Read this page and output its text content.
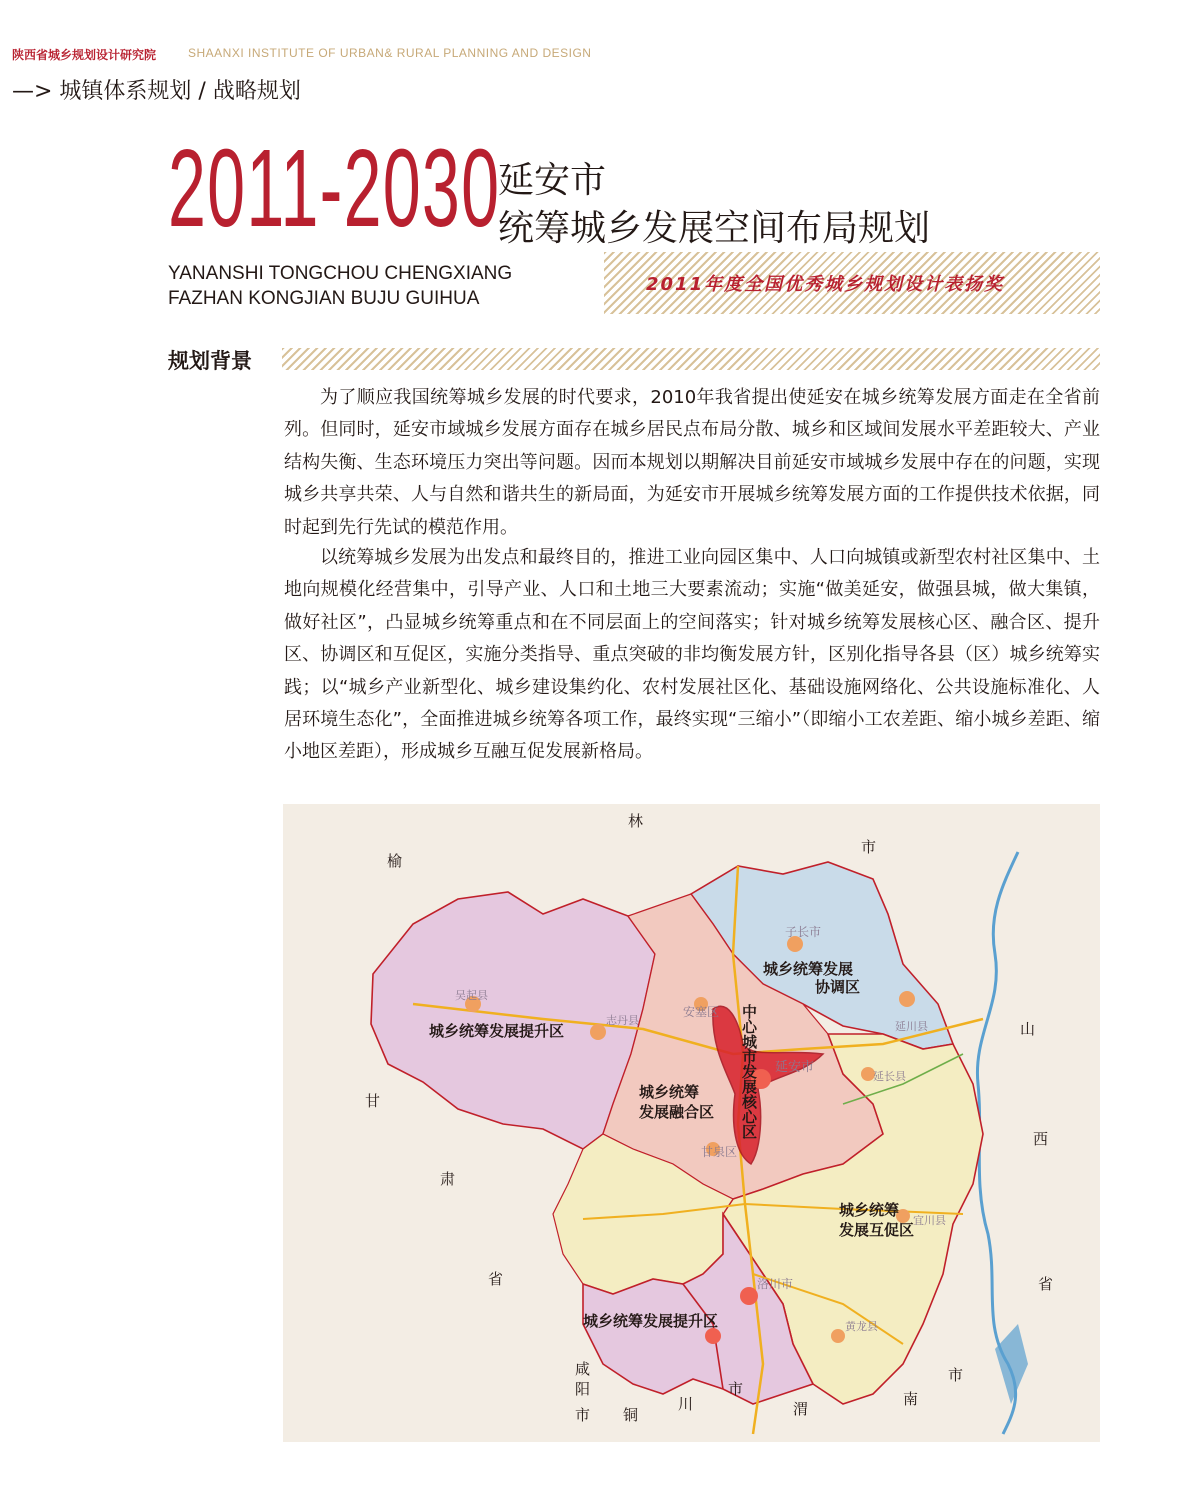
陕西省城乡规划设计研究院	SHAANXI INSTITUTE OF URBAN& RURAL PLANNING AND DESIGN
—> 城镇体系规划 / 战略规划
2011-2030
延安市
统筹城乡发展空间布局规划
YANANSHI TONGCHOU CHENGXIANG
FAZHAN KONGJIAN BUJU GUIHUA
2011年度全国优秀城乡规划设计表扬奖
规划背景

为了顺应我国统筹城乡发展的时代要求，2010年我省提出使延安在城乡统筹发展方面走在全省前列。但同时，延安市域城乡发展方面存在城乡居民点布局分散、城乡和区域间发展水平差距较大、产业结构失衡、生态环境压力突出等问题。因而本规划以期解决目前延安市域城乡发展中存在的问题，实现城乡共享共荣、人与自然和谐共生的新局面，为延安市开展城乡统筹发展方面的工作提供技术依据，同时起到先行先试的模范作用。

以统筹城乡发展为出发点和最终目的，推进工业向园区集中、人口向城镇或新型农村社区集中、土地向规模化经营集中，引导产业、人口和土地三大要素流动；实施“做美延安，做强县城，做大集镇，做好社区”，凸显城乡统筹重点和在不同层面上的空间落实；针对城乡统筹发展核心区、融合区、提升区、协调区和互促区，实施分类指导、重点突破的非均衡发展方针，区别化指导各县（区）城乡统筹实践；以“城乡产业新型化、城乡建设集约化、农村发展社区化、基础设施网络化、公共设施标准化、人居环境生态化”，全面推进城乡统筹各项工作，最终实现“三缩小”（即缩小工农差距、缩小城乡差距、缩小地区差距），形成城乡互融互促发展新格局。

子长市
吴起县
志丹县
安塞区
延安市
延川县
延长县
甘泉区
宜川县
洛川市
黄龙县
榆
林
市
山
西
省
甘
肃
省
咸
阳
市 铜
川
市
渭
南
市
城乡统筹发展
协调区
城乡统筹发展提升区
城乡统筹
发展融合区
城乡统筹
发展互促区
城乡统筹发展提升区
中心城市发展核心区
